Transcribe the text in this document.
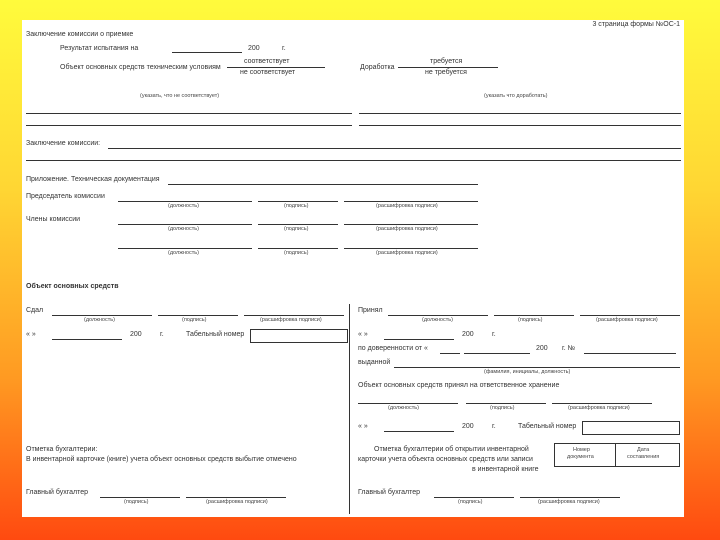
3 страница формы №ОС-1
Заключение комиссии о приемке
Результат испытания на	200	г.
Объект основных средств техническим условиям
соответствует
не соответствует
Доработка
требуется
не требуется
(указать, что не соответствует)	(указать что доработать)
Заключение комиссии:
Приложение. Техническая документация
Председатель комиссии
(должность)	(подпись)	(расшифровка подписи)
Члены комиссии
(должность)	(подпись)	(расшифровка подписи)
(должность)	(подпись)	(расшифровка подписи)
Объект основных средств
Сдал
(должность)	(подпись)	(расшифровка подписи)
« »	200	г.	Табельный номер
Принял
(должность)	(подпись)	(расшифровка подписи)
« »	200	г.
по доверенности от «	200 г. №
выданной
(фамилия, инициалы, должность)
Объект основных средств принял на ответственное хранение
(должность)	(подпись)	(расшифровка подписи)
« »	200	г.	Табельный номер
Отметка бухгалтерии:
В инвентарной карточке (книге) учета объект основных средств выбытие отмечено
Отметка бухгалтерии об открытии инвентарной
карточки учета объекта основных средств или записи
в инвентарной книге
Номер
документа
Дата
составления
Главный бухгалтер
(подпись)	(расшифровка подписи)
Главный бухгалтер
(подпись)	(расшифровка подписи)
